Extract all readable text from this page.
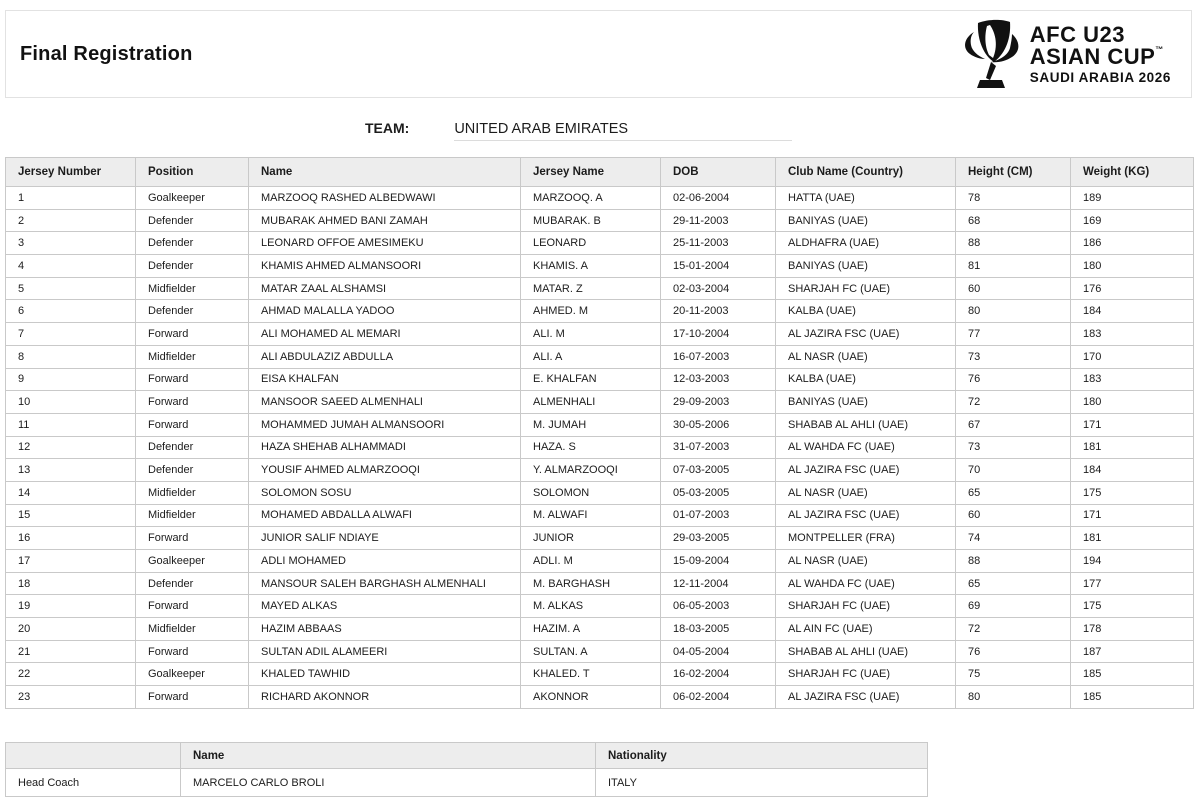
Final Registration
AFC U23
ASIAN CUP™
SAUDI ARABIA 2026
TEAM:	UNITED ARAB EMIRATES
Jersey Number	Position	Name	Jersey Name	DOB	Club Name (Country)	Height (CM)	Weight (KG)
1	Goalkeeper	MARZOOQ RASHED ALBEDWAWI	MARZOOQ. A	02-06-2004	HATTA (UAE)	78	189
2	Defender	MUBARAK AHMED BANI ZAMAH	MUBARAK. B	29-11-2003	BANIYAS (UAE)	68	169
3	Defender	LEONARD OFFOE AMESIMEKU	LEONARD	25-11-2003	ALDHAFRA (UAE)	88	186
4	Defender	KHAMIS AHMED ALMANSOORI	KHAMIS. A	15-01-2004	BANIYAS (UAE)	81	180
5	Midfielder	MATAR ZAAL ALSHAMSI	MATAR. Z	02-03-2004	SHARJAH FC (UAE)	60	176
6	Defender	AHMAD MALALLA YADOO	AHMED. M	20-11-2003	KALBA (UAE)	80	184
7	Forward	ALI MOHAMED AL MEMARI	ALI. M	17-10-2004	AL JAZIRA FSC (UAE)	77	183
8	Midfielder	ALI ABDULAZIZ ABDULLA	ALI. A	16-07-2003	AL NASR (UAE)	73	170
9	Forward	EISA KHALFAN	E. KHALFAN	12-03-2003	KALBA (UAE)	76	183
10	Forward	MANSOOR SAEED ALMENHALI	ALMENHALI	29-09-2003	BANIYAS (UAE)	72	180
11	Forward	MOHAMMED JUMAH ALMANSOORI	M. JUMAH	30-05-2006	SHABAB AL AHLI (UAE)	67	171
12	Defender	HAZA SHEHAB ALHAMMADI	HAZA. S	31-07-2003	AL WAHDA FC (UAE)	73	181
13	Defender	YOUSIF AHMED ALMARZOOQI	Y. ALMARZOOQI	07-03-2005	AL JAZIRA FSC (UAE)	70	184
14	Midfielder	SOLOMON SOSU	SOLOMON	05-03-2005	AL NASR (UAE)	65	175
15	Midfielder	MOHAMED ABDALLA ALWAFI	M. ALWAFI	01-07-2003	AL JAZIRA FSC (UAE)	60	171
16	Forward	JUNIOR SALIF NDIAYE	JUNIOR	29-03-2005	MONTPELLER (FRA)	74	181
17	Goalkeeper	ADLI MOHAMED	ADLI. M	15-09-2004	AL NASR (UAE)	88	194
18	Defender	MANSOUR SALEH BARGHASH ALMENHALI	M. BARGHASH	12-11-2004	AL WAHDA FC (UAE)	65	177
19	Forward	MAYED ALKAS	M. ALKAS	06-05-2003	SHARJAH FC (UAE)	69	175
20	Midfielder	HAZIM ABBAAS	HAZIM. A	18-03-2005	AL AIN FC (UAE)	72	178
21	Forward	SULTAN ADIL ALAMEERI	SULTAN. A	04-05-2004	SHABAB AL AHLI (UAE)	76	187
22	Goalkeeper	KHALED TAWHID	KHALED. T	16-02-2004	SHARJAH FC (UAE)	75	185
23	Forward	RICHARD AKONNOR	AKONNOR	06-02-2004	AL JAZIRA FSC (UAE)	80	185
	Name	Nationality
Head Coach	MARCELO CARLO BROLI	ITALY
